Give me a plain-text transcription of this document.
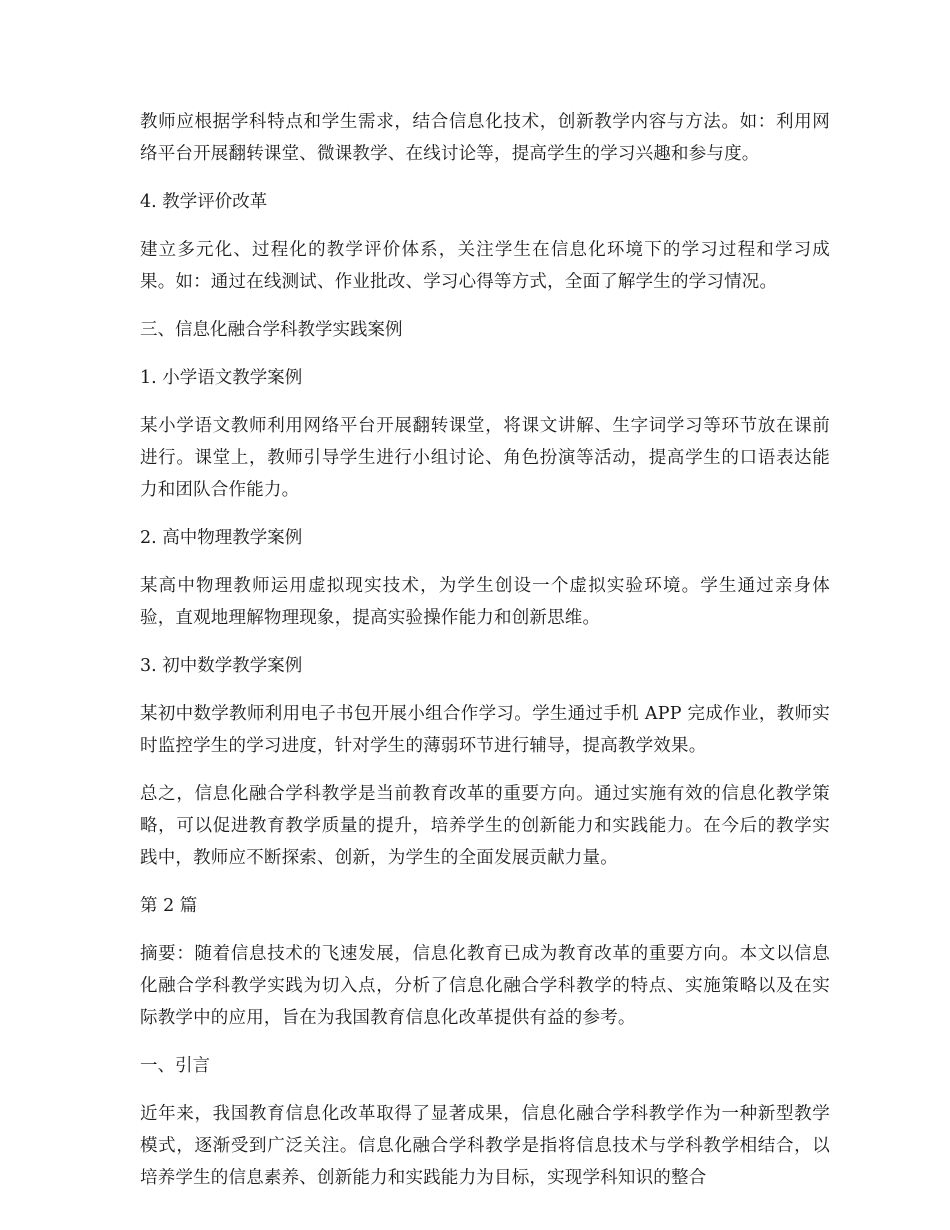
教师应根据学科特点和学生需求，结合信息化技术，创新教学内容与方法。如：利用网络平台开展翻转课堂、微课教学、在线讨论等，提高学生的学习兴趣和参与度。

4. 教学评价改革

建立多元化、过程化的教学评价体系，关注学生在信息化环境下的学习过程和学习成果。如：通过在线测试、作业批改、学习心得等方式，全面了解学生的学习情况。

三、信息化融合学科教学实践案例

1. 小学语文教学案例

某小学语文教师利用网络平台开展翻转课堂，将课文讲解、生字词学习等环节放在课前进行。课堂上，教师引导学生进行小组讨论、角色扮演等活动，提高学生的口语表达能力和团队合作能力。

2. 高中物理教学案例

某高中物理教师运用虚拟现实技术，为学生创设一个虚拟实验环境。学生通过亲身体验，直观地理解物理现象，提高实验操作能力和创新思维。

3. 初中数学教学案例

某初中数学教师利用电子书包开展小组合作学习。学生通过手机 APP 完成作业，教师实时监控学生的学习进度，针对学生的薄弱环节进行辅导，提高教学效果。

总之，信息化融合学科教学是当前教育改革的重要方向。通过实施有效的信息化教学策略，可以促进教育教学质量的提升，培养学生的创新能力和实践能力。在今后的教学实践中，教师应不断探索、创新，为学生的全面发展贡献力量。

第 2 篇

摘要：随着信息技术的飞速发展，信息化教育已成为教育改革的重要方向。本文以信息化融合学科教学实践为切入点，分析了信息化融合学科教学的特点、实施策略以及在实际教学中的应用，旨在为我国教育信息化改革提供有益的参考。

一、引言

近年来，我国教育信息化改革取得了显著成果，信息化融合学科教学作为一种新型教学模式，逐渐受到广泛关注。信息化融合学科教学是指将信息技术与学科教学相结合，以培养学生的信息素养、创新能力和实践能力为目标，实现学科知识的整合
